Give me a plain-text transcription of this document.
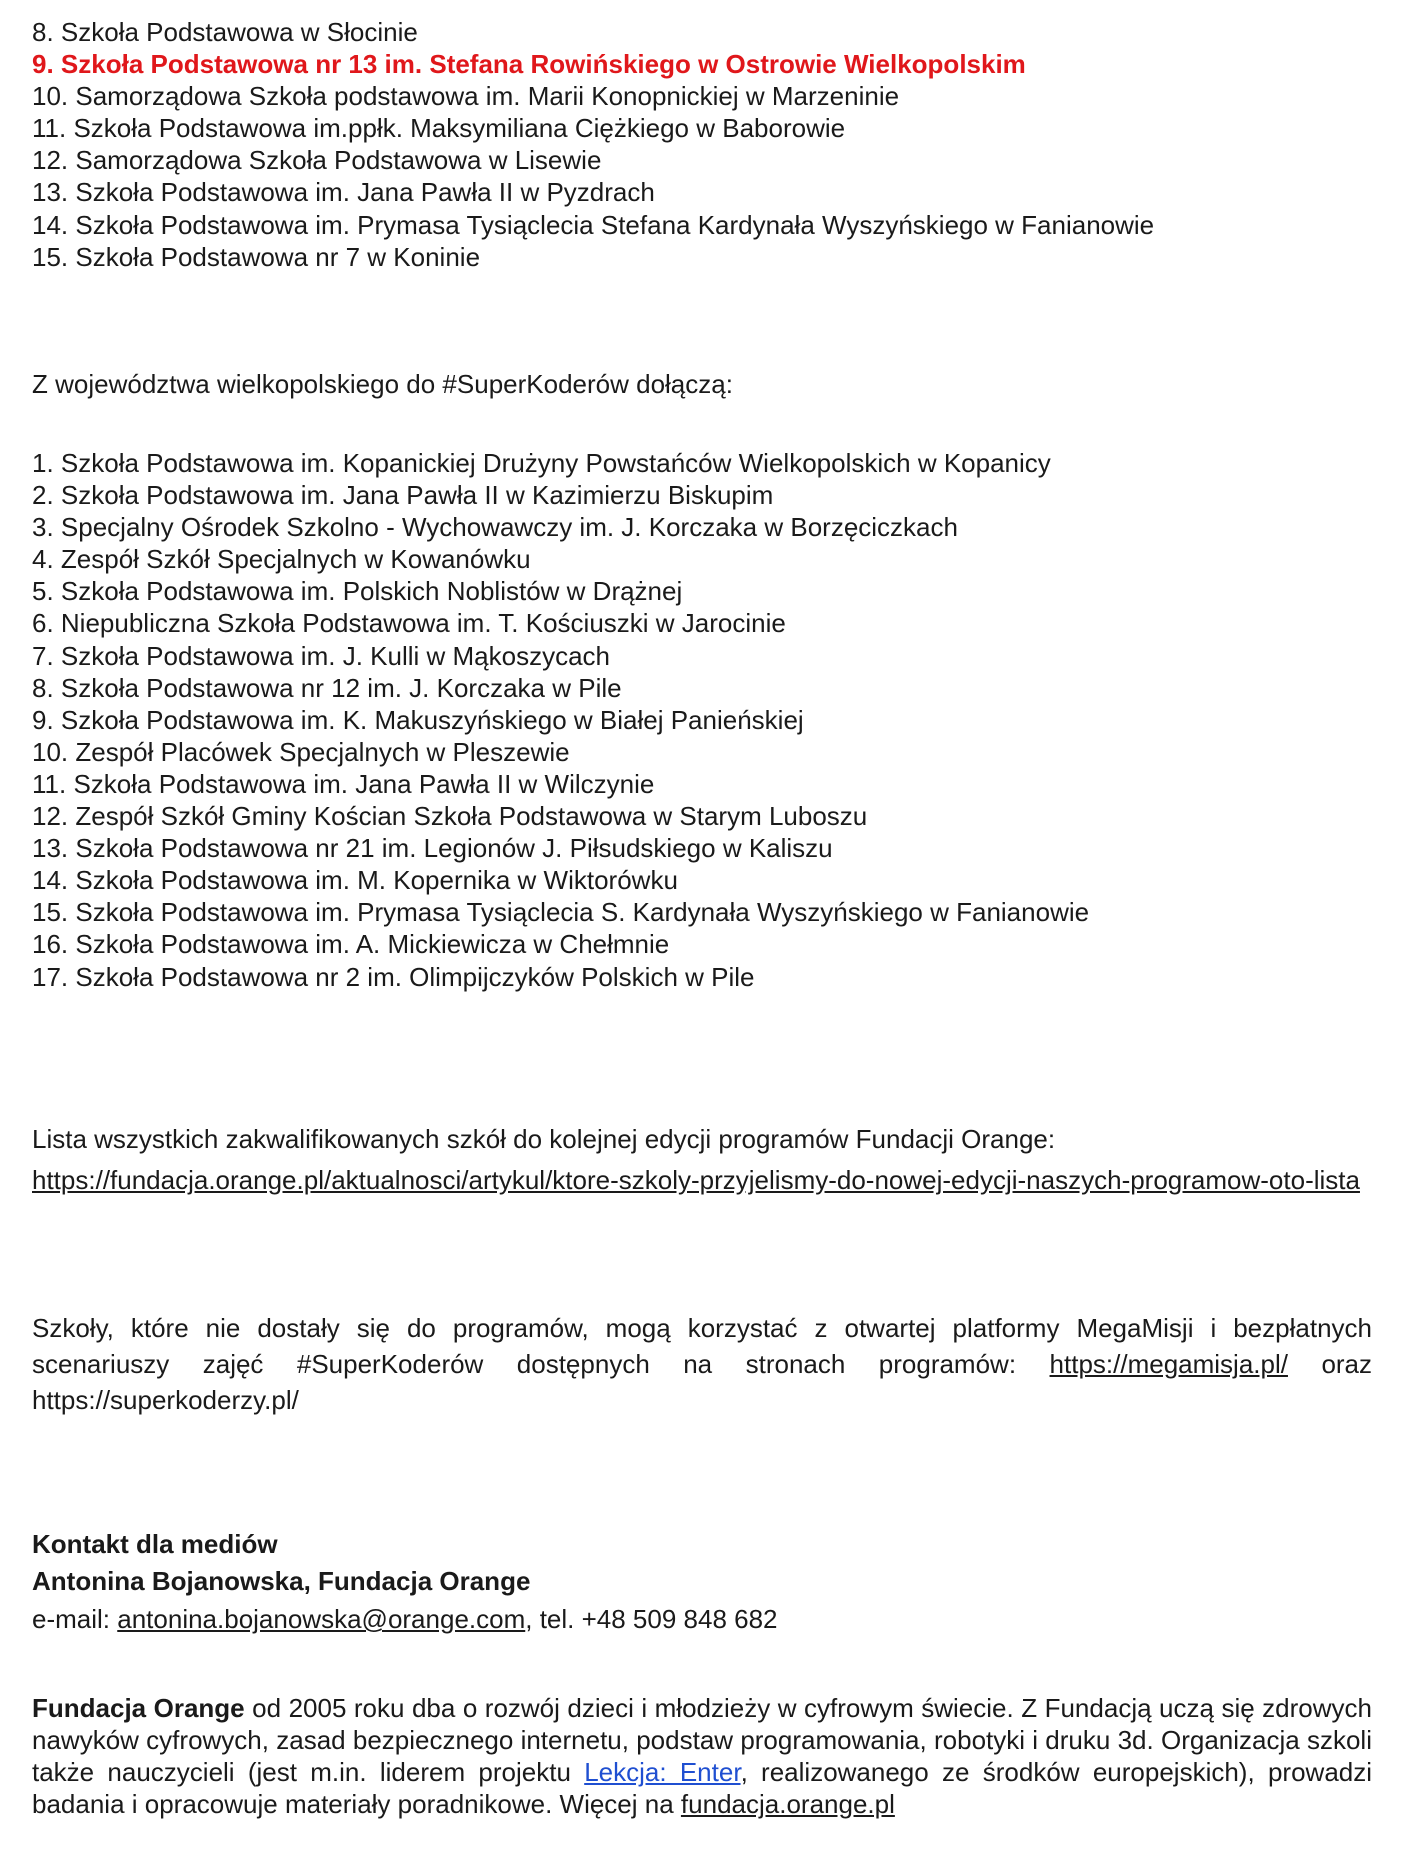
8. Szkoła Podstawowa w Słocinie
9. Szkoła Podstawowa nr 13 im. Stefana Rowińskiego w Ostrowie Wielkopolskim
10. Samorządowa Szkoła podstawowa im. Marii Konopnickiej w Marzeninie
11. Szkoła Podstawowa im.ppłk. Maksymiliana Ciężkiego w Baborowie
12. Samorządowa Szkoła Podstawowa w Lisewie
13. Szkoła Podstawowa im. Jana Pawła II w Pyzdrach
14. Szkoła Podstawowa im. Prymasa Tysiąclecia Stefana Kardynała Wyszyńskiego w Fanianowie
15. Szkoła Podstawowa nr 7 w Koninie

Z województwa wielkopolskiego do #SuperKoderów dołączą:

1. Szkoła Podstawowa im. Kopanickiej Drużyny Powstańców Wielkopolskich w Kopanicy
2. Szkoła Podstawowa im. Jana Pawła II w Kazimierzu Biskupim
3. Specjalny Ośrodek Szkolno - Wychowawczy im. J. Korczaka w Borzęciczkach
4. Zespół Szkół Specjalnych w Kowanówku
5. Szkoła Podstawowa im. Polskich Noblistów w Drążnej
6. Niepubliczna Szkoła Podstawowa im. T. Kościuszki w Jarocinie
7. Szkoła Podstawowa im. J. Kulli w Mąkoszycach
8. Szkoła Podstawowa nr 12 im. J. Korczaka w Pile
9. Szkoła Podstawowa im. K. Makuszyńskiego w Białej Panieńskiej
10. Zespół Placówek Specjalnych w Pleszewie
11. Szkoła Podstawowa im. Jana Pawła II w Wilczynie
12. Zespół Szkół Gminy Kościan Szkoła Podstawowa w Starym Luboszu
13. Szkoła Podstawowa nr 21 im. Legionów J. Piłsudskiego w Kaliszu
14. Szkoła Podstawowa im. M. Kopernika w Wiktorówku
15. Szkoła Podstawowa im. Prymasa Tysiąclecia S. Kardynała Wyszyńskiego w Fanianowie
16. Szkoła Podstawowa im. A. Mickiewicza w Chełmnie
17. Szkoła Podstawowa nr 2 im. Olimpijczyków Polskich w Pile

Lista wszystkich zakwalifikowanych szkół do kolejnej edycji programów Fundacji Orange:

https://fundacja.orange.pl/aktualnosci/artykul/ktore-szkoly-przyjelismy-do-nowej-edycji-naszych-programow-oto-lista

Szkoły, które nie dostały się do programów, mogą korzystać z otwartej platformy MegaMisji i bezpłatnych scenariuszy zajęć #SuperKoderów dostępnych na stronach programów: https://megamisja.pl/ oraz https://superkoderzy.pl/

Kontakt dla mediów

Antonina Bojanowska, Fundacja Orange

e-mail: antonina.bojanowska@orange.com, tel. +48 509 848 682

Fundacja Orange od 2005 roku dba o rozwój dzieci i młodzieży w cyfrowym świecie. Z Fundacją uczą się zdrowych nawyków cyfrowych, zasad bezpiecznego internetu, podstaw programowania, robotyki i druku 3d. Organizacja szkoli także nauczycieli (jest m.in. liderem projektu Lekcja: Enter, realizowanego ze środków europejskich), prowadzi badania i opracowuje materiały poradnikowe. Więcej na fundacja.orange.pl
